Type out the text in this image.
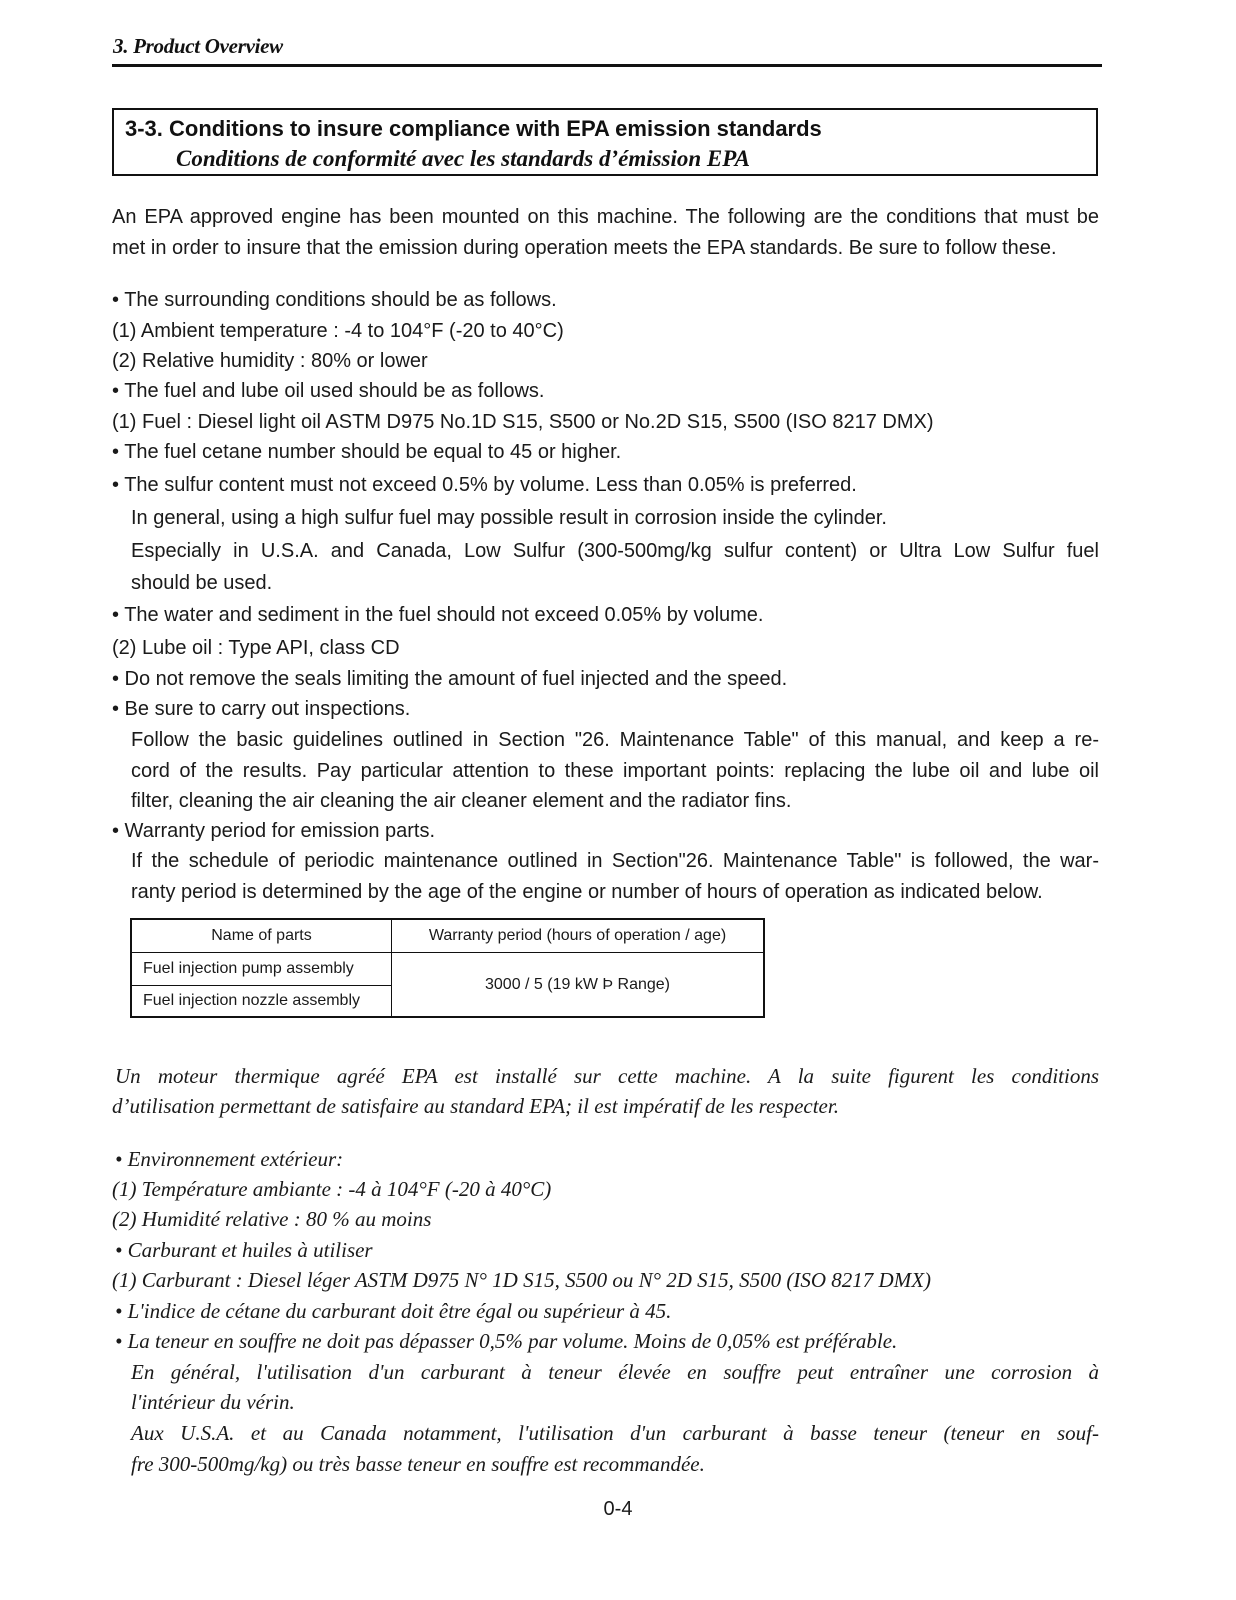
3. Product Overview
3-3. Conditions to insure compliance with EPA emission standards
Conditions de conformité avec les standards d’émission EPA
An EPA approved engine has been mounted on this machine. The following are the conditions that must be
met in order to insure that the emission during operation meets the EPA standards. Be sure to follow these.
• The surrounding conditions should be as follows.
(1) Ambient temperature : -4 to 104°F (-20 to 40°C)
(2) Relative humidity : 80% or lower
• The fuel and lube oil used should be as follows.
(1) Fuel : Diesel light oil ASTM D975 No.1D S15, S500 or No.2D S15, S500 (ISO 8217 DMX)
• The fuel cetane number should be equal to 45 or higher.
• The sulfur content must not exceed 0.5% by volume. Less than 0.05% is preferred.
In general, using a high sulfur fuel may possible result in corrosion inside the cylinder.
Especially in U.S.A. and Canada, Low Sulfur (300-500mg/kg sulfur content) or Ultra Low Sulfur fuel
should be used.
• The water and sediment in the fuel should not exceed 0.05% by volume.
(2) Lube oil : Type API, class CD
• Do not remove the seals limiting the amount of fuel injected and the speed.
• Be sure to carry out inspections.
Follow the basic guidelines outlined in Section "26. Maintenance Table" of this manual, and keep a re-
cord of the results. Pay particular attention to these important points: replacing the lube oil and lube oil
filter, cleaning the air cleaning the air cleaner element and the radiator fins.
• Warranty period for emission parts.
If the schedule of periodic maintenance outlined in Section"26. Maintenance Table" is followed, the war-
ranty period is determined by the age of the engine or number of hours of operation as indicated below.
Name of parts	Warranty period (hours of operation / age)
Fuel injection pump assembly
Fuel injection nozzle assembly
3000 / 5 (19 kW Þ Range)
Un moteur thermique agréé EPA est installé sur cette machine. A la suite figurent les conditions
d’utilisation permettant de satisfaire au standard EPA; il est impératif de les respecter.
• Environnement extérieur:
(1) Température ambiante : -4 à 104°F (-20 à 40°C)
(2) Humidité relative : 80 % au moins
• Carburant et huiles à utiliser
(1) Carburant : Diesel léger ASTM D975 N° 1D S15, S500 ou N° 2D S15, S500 (ISO 8217 DMX)
• L'indice de cétane du carburant doit être égal ou supérieur à 45.
• La teneur en souffre ne doit pas dépasser 0,5% par volume. Moins de 0,05% est préférable.
En général, l'utilisation d'un carburant à teneur élevée en souffre peut entraîner une corrosion à
l'intérieur du vérin.
Aux U.S.A. et au Canada notamment, l'utilisation d'un carburant à basse teneur (teneur en souf-
fre 300-500mg/kg) ou très basse teneur en souffre est recommandée.
0-4
